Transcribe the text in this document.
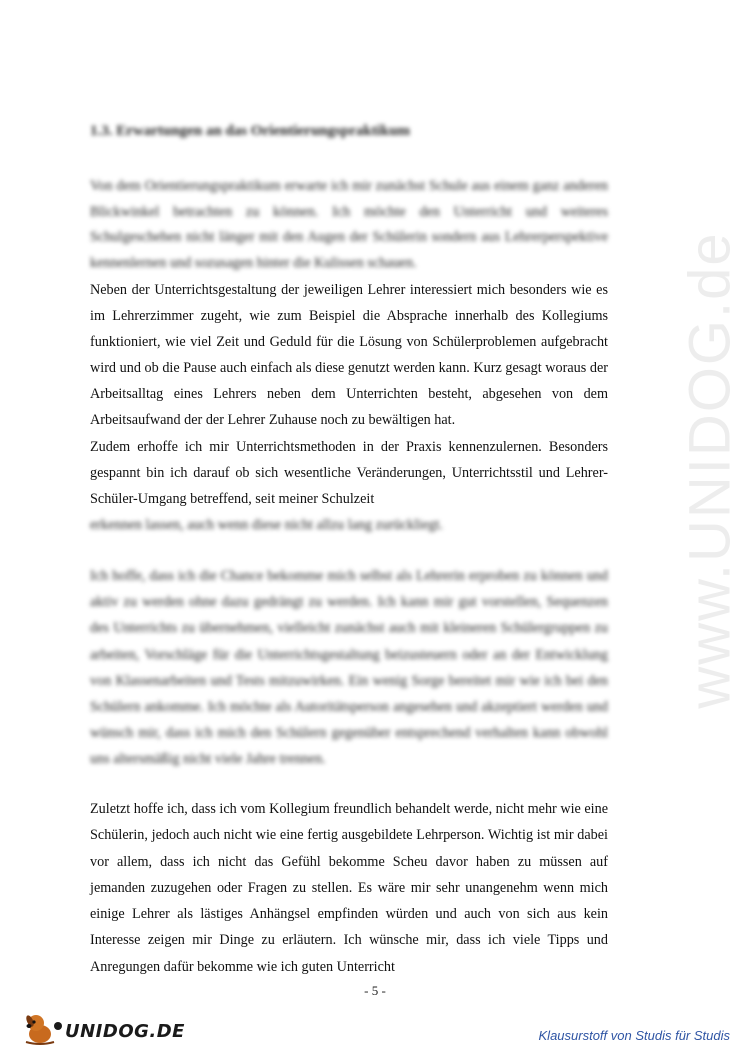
www.UNIDOG.de
1.3. Erwartungen an das Orientierungspraktikum

Von dem Orientierungspraktikum erwarte ich mir zunächst Schule aus einem ganz anderen Blickwinkel betrachten zu können. Ich möchte den Unterricht und weiteres Schulgeschehen nicht länger mit den Augen der Schülerin sondern aus Lehrerperspektive kennenlernen und sozusagen hinter die Kulissen schauen.

Neben der Unterrichtsgestaltung der jeweiligen Lehrer interessiert mich besonders wie es im Lehrerzimmer zugeht, wie zum Beispiel die Absprache innerhalb des Kollegiums funktioniert, wie viel Zeit und Geduld für die Lösung von Schülerproblemen aufgebracht wird und ob die Pause auch einfach als diese genutzt werden kann. Kurz gesagt woraus der Arbeitsalltag eines Lehrers neben dem Unterrichten besteht, abgesehen von dem Arbeitsaufwand der der Lehrer Zuhause noch zu bewältigen hat.

Zudem erhoffe ich mir Unterrichtsmethoden in der Praxis kennenzulernen. Besonders gespannt bin ich darauf ob sich wesentliche Veränderungen, Unterrichtsstil und Lehrer-Schüler-Umgang betreffend, seit meiner Schulzeit

erkennen lassen, auch wenn diese nicht allzu lang zurückliegt.

Ich hoffe, dass ich die Chance bekomme mich selbst als Lehrerin erproben zu können und aktiv zu werden ohne dazu gedrängt zu werden. Ich kann mir gut vorstellen, Sequenzen des Unterrichts zu übernehmen, vielleicht zunächst auch mit kleineren Schülergruppen zu arbeiten, Vorschläge für die Unterrichtsgestaltung beizusteuern oder an der Entwicklung von Klassenarbeiten und Tests mitzuwirken. Ein wenig Sorge bereitet mir wie ich bei den Schülern ankomme. Ich möchte als Autoritätsperson angesehen und akzeptiert werden und wünsch mir, dass ich mich den Schülern gegenüber entsprechend verhalten kann obwohl uns altersmäßig nicht viele Jahre trennen.

Zuletzt hoffe ich, dass ich vom Kollegium freundlich behandelt werde, nicht mehr wie eine Schülerin, jedoch auch nicht wie eine fertig ausgebildete Lehrperson. Wichtig ist mir dabei vor allem, dass ich nicht das Gefühl bekomme Scheu davor haben zu müssen auf jemanden zuzugehen oder Fragen zu stellen. Es wäre mir sehr unangenehm wenn mich einige Lehrer als lästiges Anhängsel empfinden würden und auch von sich aus kein Interesse zeigen mir Dinge zu erläutern. Ich wünsche mir, dass ich viele Tipps und Anregungen dafür bekomme wie ich guten Unterricht

- 5 -
UNIDOG.DE	Klausurstoff von Studis für Studis
